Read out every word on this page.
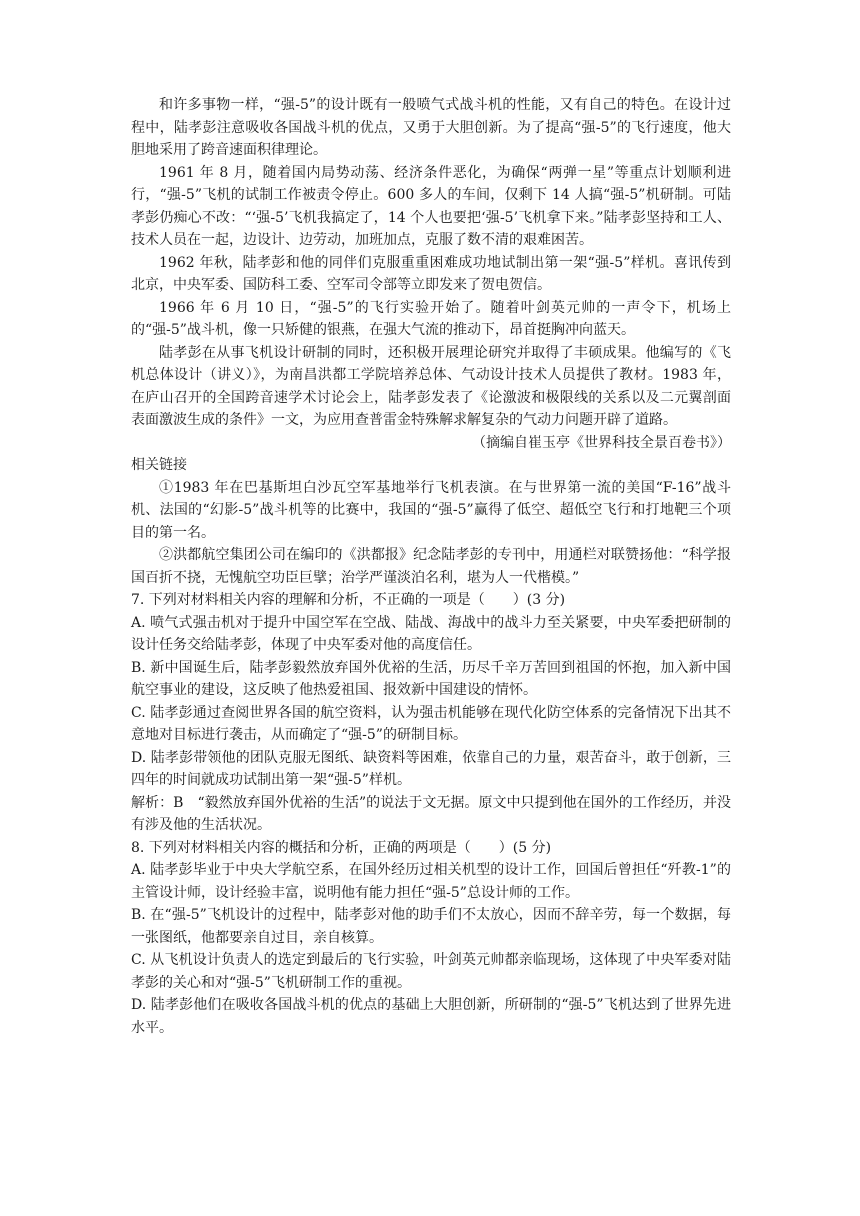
和许多事物一样，“强-5”的设计既有一般喷气式战斗机的性能，又有自己的特色。在设计过程中，陆孝彭注意吸收各国战斗机的优点，又勇于大胆创新。为了提高“强-5”的飞行速度，他大胆地采用了跨音速面积律理论。

1961 年 8 月，随着国内局势动荡、经济条件恶化，为确保“两弹一星”等重点计划顺利进行，“强-5”飞机的试制工作被责令停止。600 多人的车间，仅剩下 14 人搞“强-5”机研制。可陆孝彭仍痴心不改：“‘强-5’飞机我搞定了，14 个人也要把‘强-5’飞机拿下来。”陆孝彭坚持和工人、技术人员在一起，边设计、边劳动，加班加点，克服了数不清的艰难困苦。

1962 年秋，陆孝彭和他的同伴们克服重重困难成功地试制出第一架“强-5”样机。喜讯传到北京，中央军委、国防科工委、空军司令部等立即发来了贺电贺信。

1966 年 6 月 10 日，“强-5”的飞行实验开始了。随着叶剑英元帅的一声令下，机场上的“强-5”战斗机，像一只矫健的银燕，在强大气流的推动下，昂首挺胸冲向蓝天。

陆孝彭在从事飞机设计研制的同时，还积极开展理论研究并取得了丰硕成果。他编写的《飞机总体设计（讲义）》，为南昌洪都工学院培养总体、气动设计技术人员提供了教材。1983 年，在庐山召开的全国跨音速学术讨论会上，陆孝彭发表了《论激波和极限线的关系以及二元翼剖面表面激波生成的条件》一文，为应用查普雷金特殊解求解复杂的气动力问题开辟了道路。

（摘编自崔玉亭《世界科技全景百卷书》）

相关链接

①1983 年在巴基斯坦白沙瓦空军基地举行飞机表演。在与世界第一流的美国“F-16”战斗机、法国的“幻影-5”战斗机等的比赛中，我国的“强-5”赢得了低空、超低空飞行和打地靶三个项目的第一名。

②洪都航空集团公司在编印的《洪都报》纪念陆孝彭的专刊中，用通栏对联赞扬他：“科学报国百折不挠，无愧航空功臣巨擘；治学严谨淡泊名利，堪为人一代楷模。”

7. 下列对材料相关内容的理解和分析，不正确的一项是（　　）(3 分)

A. 喷气式强击机对于提升中国空军在空战、陆战、海战中的战斗力至关紧要，中央军委把研制的设计任务交给陆孝彭，体现了中央军委对他的高度信任。

B. 新中国诞生后，陆孝彭毅然放弃国外优裕的生活，历尽千辛万苦回到祖国的怀抱，加入新中国航空事业的建设，这反映了他热爱祖国、报效新中国建设的情怀。

C. 陆孝彭通过查阅世界各国的航空资料，认为强击机能够在现代化防空体系的完备情况下出其不意地对目标进行袭击，从而确定了“强-5”的研制目标。

D. 陆孝彭带领他的团队克服无图纸、缺资料等困难，依靠自己的力量，艰苦奋斗，敢于创新，三四年的时间就成功试制出第一架“强-5”样机。

解析：B　“毅然放弃国外优裕的生活”的说法于文无据。原文中只提到他在国外的工作经历，并没有涉及他的生活状况。

8. 下列对材料相关内容的概括和分析，正确的两项是（　　）(5 分)

A. 陆孝彭毕业于中央大学航空系，在国外经历过相关机型的设计工作，回国后曾担任“歼教-1”的主管设计师，设计经验丰富，说明他有能力担任“强-5”总设计师的工作。

B. 在“强-5”飞机设计的过程中，陆孝彭对他的助手们不太放心，因而不辞辛劳，每一个数据，每一张图纸，他都要亲自过目，亲自核算。

C. 从飞机设计负责人的选定到最后的飞行实验，叶剑英元帅都亲临现场，这体现了中央军委对陆孝彭的关心和对“强-5”飞机研制工作的重视。

D. 陆孝彭他们在吸收各国战斗机的优点的基础上大胆创新，所研制的“强-5”飞机达到了世界先进水平。
